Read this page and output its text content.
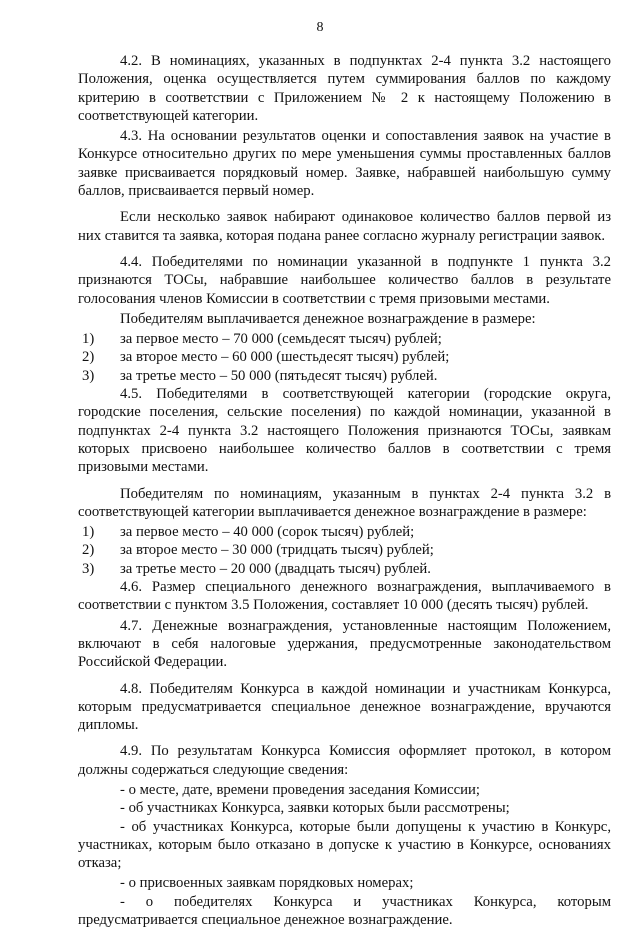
8

4.2. В номинациях, указанных в подпунктах 2-4 пункта 3.2 настоящего Положения, оценка осуществляется путем суммирования баллов по каждому критерию в соответствии с Приложением № 2 к настоящему Положению в соответствующей категории.

4.3. На основании результатов оценки и сопоставления заявок на участие в Конкурсе относительно других по мере уменьшения суммы проставленных баллов заявке присваивается порядковый номер. Заявке, набравшей наибольшую сумму баллов, присваивается первый номер.

Если несколько заявок набирают одинаковое количество баллов первой из них ставится та заявка, которая подана ранее согласно журналу регистрации заявок.

4.4. Победителями по номинации указанной в подпункте 1 пункта 3.2 признаются ТОСы, набравшие наибольшее количество баллов в результате голосования членов Комиссии в соответствии с тремя призовыми местами.

Победителям выплачивается денежное вознаграждение в размере:

1)	за первое место – 70 000 (семьдесят тысяч) рублей;
2)	за второе место – 60 000 (шестьдесят тысяч) рублей;
3)	за третье место – 50 000 (пятьдесят тысяч) рублей.

4.5. Победителями в соответствующей категории (городские округа, городские поселения, сельские поселения) по каждой номинации, указанной в подпунктах 2-4 пункта 3.2 настоящего Положения признаются ТОСы, заявкам которых присвоено наибольшее количество баллов в соответствии с тремя призовыми местами.

Победителям по номинациям, указанным в пунктах 2-4 пункта 3.2 в соответствующей категории выплачивается денежное вознаграждение в размере:

1)	за первое место – 40 000 (сорок тысяч) рублей;
2)	за второе место – 30 000 (тридцать тысяч) рублей;
3)	за третье место – 20 000 (двадцать тысяч) рублей.

4.6. Размер специального денежного вознаграждения, выплачиваемого в соответствии с пунктом 3.5 Положения, составляет 10 000 (десять тысяч) рублей.

4.7. Денежные вознаграждения, установленные настоящим Положением, включают в себя налоговые удержания, предусмотренные законодательством Российской Федерации.

4.8. Победителям Конкурса в каждой номинации и участникам Конкурса, которым предусматривается специальное денежное вознаграждение, вручаются дипломы.

4.9. По результатам Конкурса Комиссия оформляет протокол, в котором должны содержаться следующие сведения:

- о месте, дате, времени проведения заседания Комиссии;

- об участниках Конкурса, заявки которых были рассмотрены;

- об участниках Конкурса, которые были допущены к участию в Конкурс, участниках, которым было отказано в допуске к участию в Конкурсе, основаниях отказа;

- о присвоенных заявкам порядковых номерах;

- о победителях Конкурса и участниках Конкурса, которым

предусматривается специальное денежное вознаграждение.
